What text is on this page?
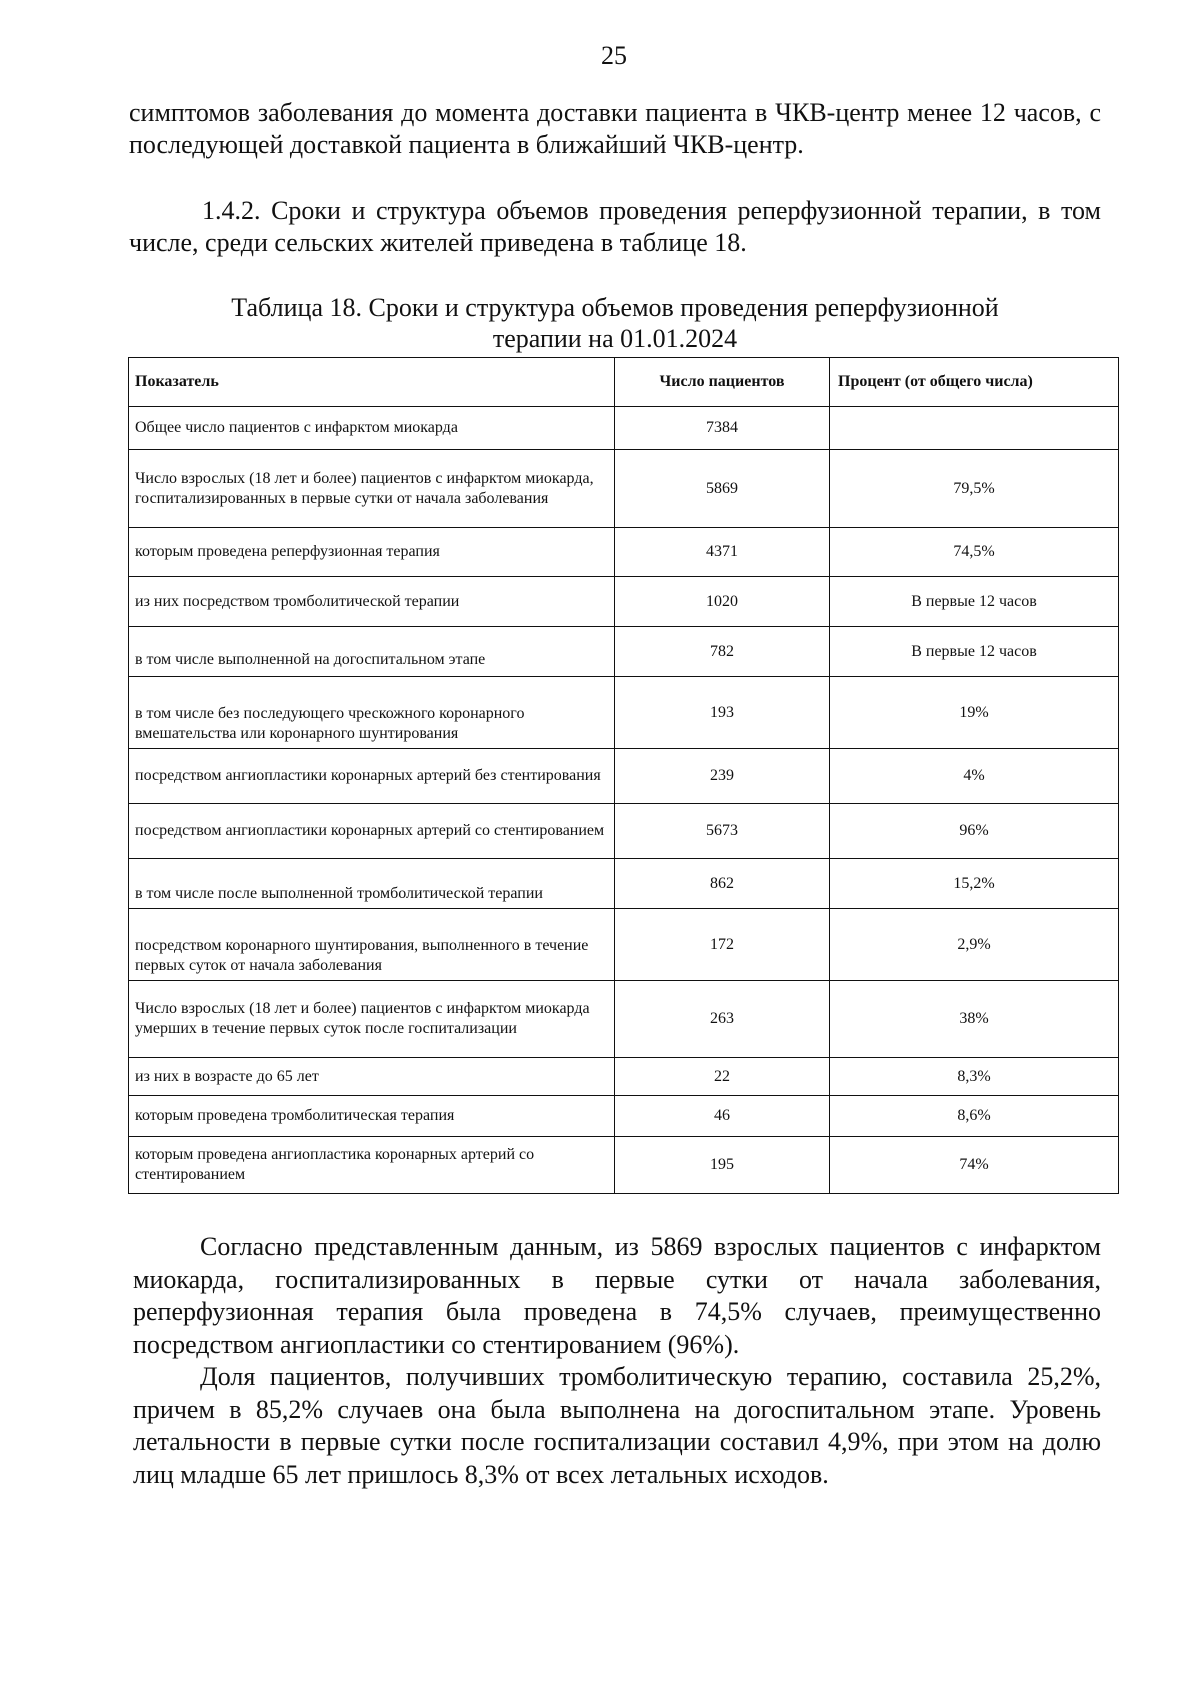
25

симптомов заболевания до момента доставки пациента в ЧКВ-центр менее 12 часов, с последующей доставкой пациента в ближайший ЧКВ-центр.

1.4.2. Сроки и структура объемов проведения реперфузионной терапии, в том числе, среди сельских жителей приведена в таблице 18.

Таблица 18. Сроки и структура объемов проведения реперфузионной
терапии на 01.01.2024
Показатель	Число пациентов	Процент (от общего числа)
Общее число пациентов с инфарктом миокарда	7384	
Число взрослых (18 лет и более) пациентов с инфарктом миокарда, госпитализированных в первые сутки от начала заболевания	5869	79,5%
которым проведена реперфузионная терапия	4371	74,5%
из них посредством тромболитической терапии	1020	В первые 12 часов
в том числе выполненной на догоспитальном этапе	782	В первые 12 часов
в том числе без последующего чрескожного коронарного вмешательства или коронарного шунтирования	193	19%
посредством ангиопластики коронарных артерий без стентирования	239	4%
посредством ангиопластики коронарных артерий со стентированием	5673	96%
в том числе после выполненной тромболитической терапии	862	15,2%
посредством коронарного шунтирования, выполненного в течение первых суток от начала заболевания	172	2,9%
Число взрослых (18 лет и более) пациентов с инфарктом миокарда умерших в течение первых суток после госпитализации	263	38%
из них в возрасте до 65 лет	22	8,3%
которым проведена тромболитическая терапия	46	8,6%
которым проведена ангиопластика коронарных артерий со стентированием	195	74%

Согласно представленным данным, из 5869 взрослых пациентов с инфарктом миокарда, госпитализированных в первые сутки от начала заболевания, реперфузионная терапия была проведена в 74,5% случаев, преимущественно посредством ангиопластики со стентированием (96%).

Доля пациентов, получивших тромболитическую терапию, составила 25,2%, причем в 85,2% случаев она была выполнена на догоспитальном этапе. Уровень летальности в первые сутки после госпитализации составил 4,9%, при этом на долю лиц младше 65 лет пришлось 8,3% от всех летальных исходов.
